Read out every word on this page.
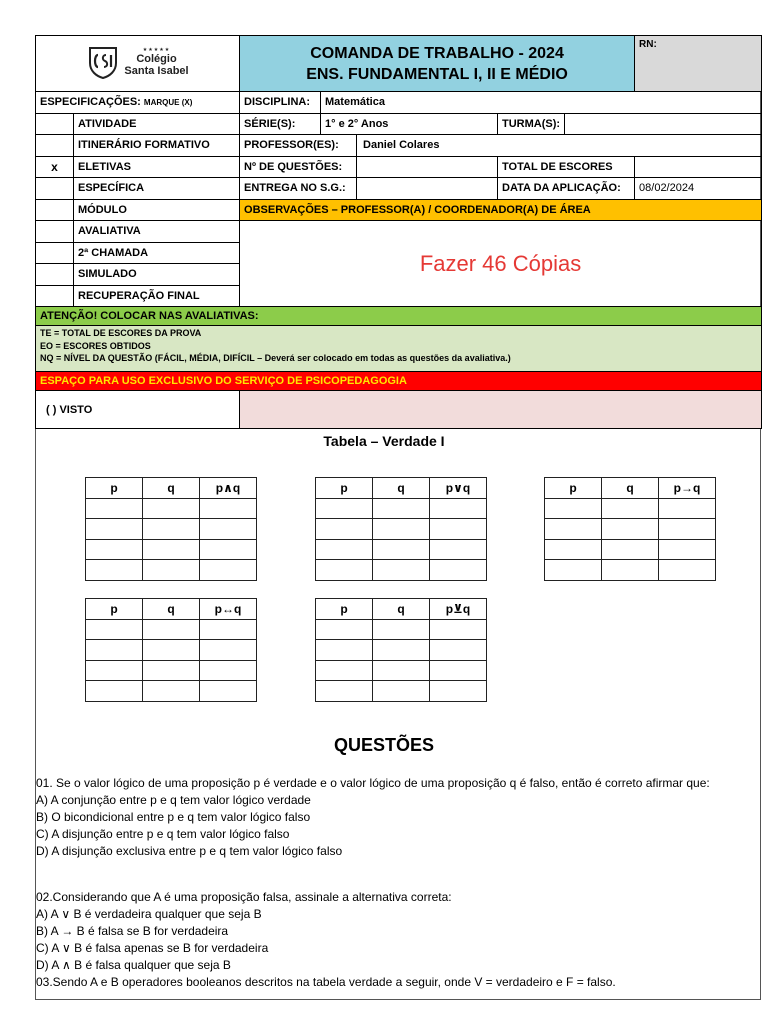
★★★★★
Colégio
Santa Isabel		COMANDA DE TRABALHO - 2024
ENS. FUNDAMENTAL I, II E MÉDIO					RN:
ESPECIFICAÇÕES: MARQUE (X)		DISCIPLINA:	Matemática				
	ATIVIDADE	SÉRIE(S):	1° e 2° Anos		TURMA(S):		
	ITINERÁRIO FORMATIVO	PROFESSOR(ES):		Daniel Colares			
x	ELETIVAS	Nº DE QUESTÕES:			TOTAL DE ESCORES		
	ESPECÍFICA	ENTREGA NO S.G.:			DATA DA APLICAÇÃO:		08/02/2024
	MÓDULO	OBSERVAÇÕES – PROFESSOR(A) / COORDENADOR(A) DE ÁREA					
	AVALIATIVA	Fazer 46 Cópias					
	2ª CHAMADA						
	SIMULADO						
	RECUPERAÇÃO FINAL						
ATENÇÃO! COLOCAR NAS AVALIATIVAS:							
TE = TOTAL DE ESCORES DA PROVA
EO = ESCORES OBTIDOS
NQ = NÍVEL DA QUESTÃO (FÁCIL, MÉDIA, DIFÍCIL – Deverá ser colocado em todas as questões da avaliativa.)							
ESPAÇO PARA USO EXCLUSIVO DO SERVIÇO DE PSICOPEDAGOGIA							
( ) VISTO							
Tabela – Verdade I
p	q	p∧q

			p	q	p∨q

			p	q	p→q

p	q	p↔q

			p	q	p⊻q

QUESTÕES

01. Se o valor lógico de uma proposição p é verdade e o valor lógico de uma proposição q é falso, então é correto afirmar que:

A) A conjunção entre p e q tem valor lógico verdade

B) O bicondicional entre p e q tem valor lógico falso

C) A disjunção entre p e q tem valor lógico falso

D) A disjunção exclusiva entre p e q tem valor lógico falso

02.Considerando que A é uma proposição falsa, assinale a alternativa correta:

A) A ∨ B é verdadeira qualquer que seja B

B) A → B é falsa se B for verdadeira

C) A ∨ B é falsa apenas se B for verdadeira

D) A ∧ B é falsa qualquer que seja B

03.Sendo A e B operadores booleanos descritos na tabela verdade a seguir, onde V = verdadeiro e F = falso.
